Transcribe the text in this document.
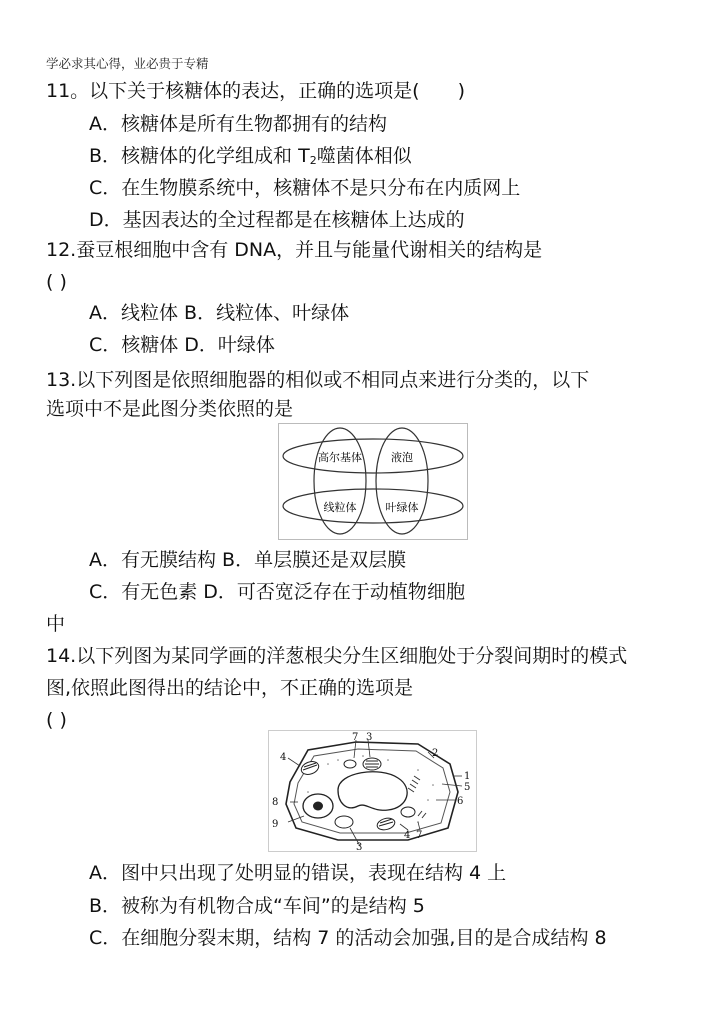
学必求其心得，业必贵于专精
11。以下关于核糖体的表达，正确的选项是( )
A．核糖体是所有生物都拥有的结构
B．核糖体的化学组成和 $T_2$噬菌体相似
C．在生物膜系统中，核糖体不是只分布在内质网上
D．基因表达的全过程都是在核糖体上达成的
12.蚕豆根细胞中含有 DNA，并且与能量代谢相关的结构是
( )
A．线粒体 B．线粒体、叶绿体
C．核糖体 D．叶绿体
13.以下列图是依照细胞器的相似或不相同点来进行分类的，以下
选项中不是此图分类依照的是
高尔基体	液泡
线粒体	叶绿体
A．有无膜结构 B．单层膜还是双层膜
C．有无色素 D．可否宽泛存在于动植物细胞
中
14.以下列图为某同学画的洋葱根尖分生区细胞处于分裂间期时的模式
图,依照此图得出的结论中，不正确的选项是
( )
1
2
3
3
4
4
5
6
7
7
8
9
A．图中只出现了处明显的错误，表现在结构 4 上
B．被称为有机物合成“车间”的是结构 5
C．在细胞分裂末期，结构 7 的活动会加强,目的是合成结构 8
